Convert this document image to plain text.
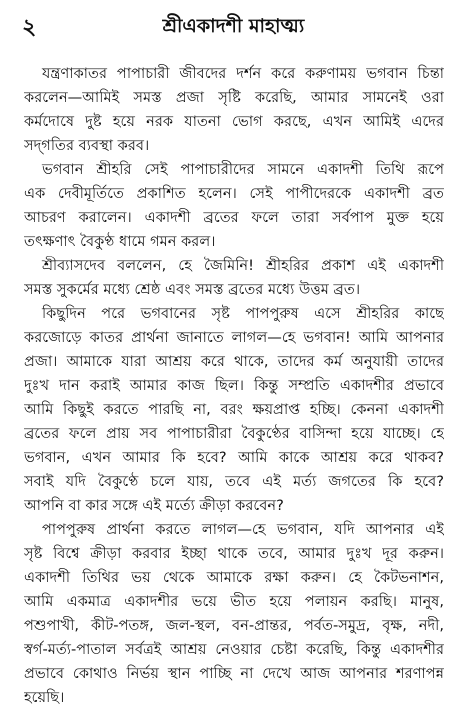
২	শ্রীএকাদশী মাহাত্ম্য
যন্ত্রণাকাতর পাপাচারী জীবদের দর্শন করে করুণাময় ভগবান চিন্তা
করলেন—আমিই সমস্ত প্রজা সৃষ্টি করেছি, আমার সামনেই ওরা
কর্মদোষে দুষ্ট হয়ে নরক যাতনা ভোগ করছে, এখন আমিই এদের
সদ্‌গতির ব্যবস্থা করব।
ভগবান শ্রীহরি সেই পাপাচারীদের সামনে একাদশী তিথি রূপে
এক দেবীমূর্তিতে প্রকাশিত হলেন। সেই পাপীদেরকে একাদশী ব্রত
আচরণ করালেন। একাদশী ব্রতের ফলে তারা সর্বপাপ মুক্ত হয়ে
তৎক্ষণাৎ বৈকুণ্ঠ ধামে গমন করল।
শ্রীব্যাসদেব বললেন, হে জৈমিনি! শ্রীহরির প্রকাশ এই একাদশী
সমস্ত সুকর্মের মধ্যে শ্রেষ্ঠ এবং সমস্ত ব্রতের মধ্যে উত্তম ব্রত।
কিছুদিন পরে ভগবানের সৃষ্ট পাপপুরুষ এসে শ্রীহরির কাছে
করজোড়ে কাতর প্রার্থনা জানাতে লাগল—হে ভগবান! আমি আপনার
প্রজা। আমাকে যারা আশ্রয় করে থাকে, তাদের কর্ম অনুযায়ী তাদের
দুঃখ দান করাই আমার কাজ ছিল। কিন্তু সম্প্রতি একাদশীর প্রভাবে
আমি কিছুই করতে পারছি না, বরং ক্ষয়প্রাপ্ত হচ্ছি। কেননা একাদশী
ব্রতের ফলে প্রায় সব পাপাচারীরা বৈকুণ্ঠের বাসিন্দা হয়ে যাচ্ছে। হে
ভগবান, এখন আমার কি হবে? আমি কাকে আশ্রয় করে থাকব?
সবাই যদি বৈকুণ্ঠে চলে যায়, তবে এই মর্ত্য জগতের কি হবে?
আপনি বা কার সঙ্গে এই মর্ত্যে ক্রীড়া করবেন?
পাপপুরুষ প্রার্থনা করতে লাগল—হে ভগবান, যদি আপনার এই
সৃষ্ট বিশ্বে ক্রীড়া করবার ইচ্ছা থাকে তবে, আমার দুঃখ দূর করুন।
একাদশী তিথির ভয় থেকে আমাকে রক্ষা করুন। হে কৈটভনাশন,
আমি একমাত্র একাদশীর ভয়ে ভীত হয়ে পলায়ন করছি। মানুষ,
পশুপাখী, কীট-পতঙ্গ, জল-স্থল, বন-প্রান্তর, পর্বত-সমুদ্র, বৃক্ষ, নদী,
স্বর্গ-মর্ত্য-পাতাল সর্বত্রই আশ্রয় নেওয়ার চেষ্টা করেছি, কিন্তু একাদশীর
প্রভাবে কোথাও নির্ভয় স্থান পাচ্ছি না দেখে আজ আপনার শরণাপন্ন
হয়েছি।
